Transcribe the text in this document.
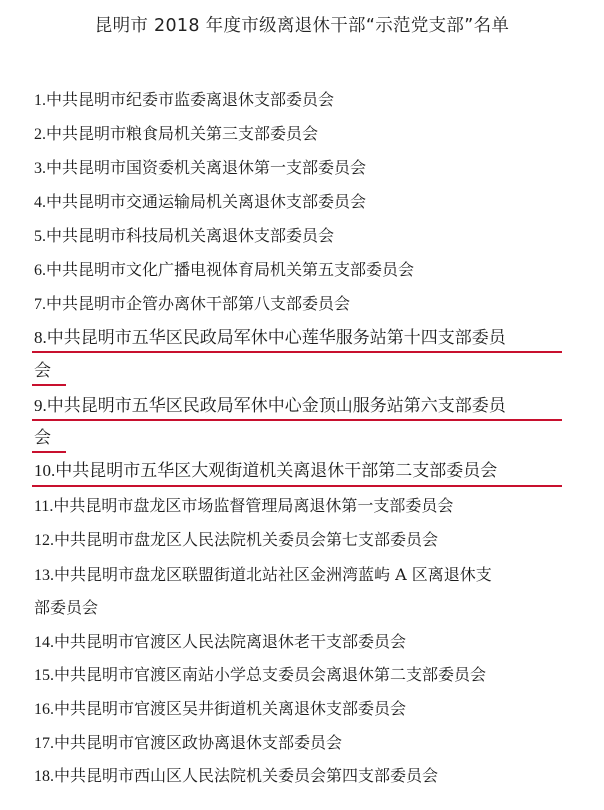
昆明市 2018 年度市级离退休干部“示范党支部”名单
1.中共昆明市纪委市监委离退休支部委员会
2.中共昆明市粮食局机关第三支部委员会
3.中共昆明市国资委机关离退休第一支部委员会
4.中共昆明市交通运输局机关离退休支部委员会
5.中共昆明市科技局机关离退休支部委员会
6.中共昆明市文化广播电视体育局机关第五支部委员会
7.中共昆明市企管办离休干部第八支部委员会
8.中共昆明市五华区民政局军休中心莲华服务站第十四支部委员
会
9.中共昆明市五华区民政局军休中心金顶山服务站第六支部委员
会
10.中共昆明市五华区大观街道机关离退休干部第二支部委员会
11.中共昆明市盘龙区市场监督管理局离退休第一支部委员会
12.中共昆明市盘龙区人民法院机关委员会第七支部委员会
13.中共昆明市盘龙区联盟街道北站社区金洲湾蓝屿 A 区离退休支
部委员会
14.中共昆明市官渡区人民法院离退休老干支部委员会
15.中共昆明市官渡区南站小学总支委员会离退休第二支部委员会
16.中共昆明市官渡区吴井街道机关离退休支部委员会
17.中共昆明市官渡区政协离退休支部委员会
18.中共昆明市西山区人民法院机关委员会第四支部委员会
